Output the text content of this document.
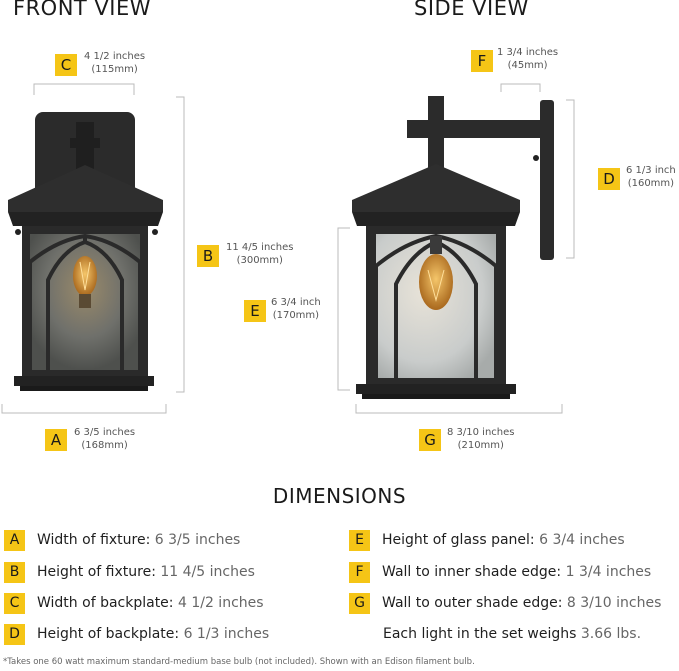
FRONT VIEW	SIDE VIEW
C	4 1/2 inches
(115mm)
B	11 4/5 inches
(300mm)
A	6 3/5 inches
(168mm)
F	1 3/4 inches
(45mm)
D	6 1/3 inch
(160mm)
E	6 3/4 inch
(170mm)
G	8 3/10 inches
(210mm)
DIMENSIONS
A Width of fixture: 6 3/5 inches
B Height of fixture: 11 4/5 inches
C Width of backplate: 4 1/2 inches
D Height of backplate: 6 1/3 inches
E Height of glass panel: 6 3/4 inches
F Wall to inner shade edge: 1 3/4 inches
G Wall to outer shade edge: 8 3/10 inches
Each light in the set weighs 3.66 lbs.
*Takes one 60 watt maximum standard-medium base bulb (not included). Shown with an Edison filament bulb.
